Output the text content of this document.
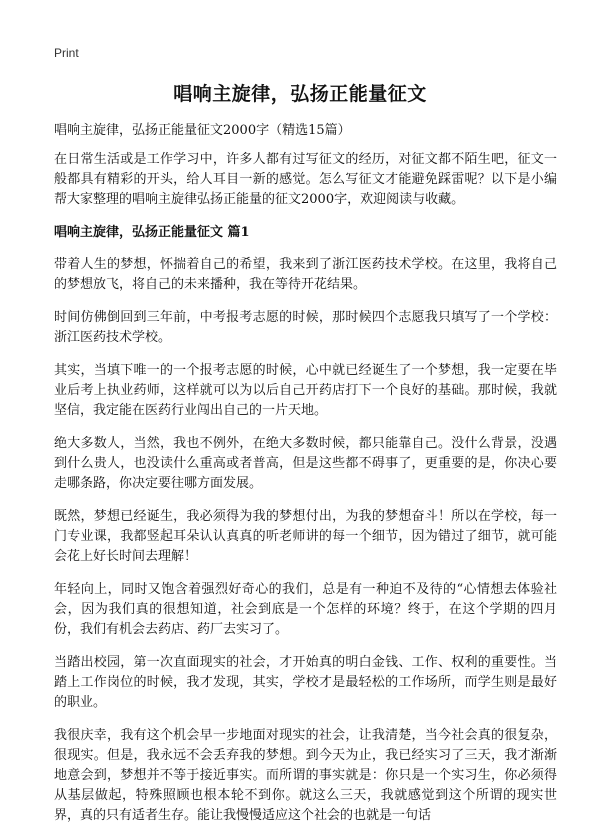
Print
唱响主旋律，弘扬正能量征文

唱响主旋律，弘扬正能量征文2000字（精选15篇）

在日常生活或是工作学习中，许多人都有过写征文的经历，对征文都不陌生吧，征文一般都具有精彩的开头，给人耳目一新的感觉。怎么写征文才能避免踩雷呢？以下是小编帮大家整理的唱响主旋律弘扬正能量的征文2000字，欢迎阅读与收藏。

唱响主旋律，弘扬正能量征文 篇1

带着人生的梦想，怀揣着自己的希望，我来到了浙江医药技术学校。在这里，我将自己的梦想放飞，将自己的未来播种，我在等待开花结果。

时间仿佛倒回到三年前，中考报考志愿的时候，那时候四个志愿我只填写了一个学校：浙江医药技术学校。

其实，当填下唯一的一个报考志愿的时候，心中就已经诞生了一个梦想，我一定要在毕业后考上执业药师，这样就可以为以后自己开药店打下一个良好的基础。那时候，我就坚信，我定能在医药行业闯出自己的一片天地。

绝大多数人，当然，我也不例外，在绝大多数时候，都只能靠自己。没什么背景，没遇到什么贵人，也没读什么重高或者普高，但是这些都不碍事了，更重要的是，你决心要走哪条路，你决定要往哪方面发展。

既然，梦想已经诞生，我必须得为我的梦想付出，为我的梦想奋斗！所以在学校，每一门专业课，我都竖起耳朵认认真真的听老师讲的每一个细节，因为错过了细节，就可能会花上好长时间去理解！

年轻向上，同时又饱含着强烈好奇心的我们，总是有一种迫不及待的“心情想去体验社会，因为我们真的很想知道，社会到底是一个怎样的环境？终于，在这个学期的四月份，我们有机会去药店、药厂去实习了。

当踏出校园，第一次直面现实的社会，才开始真的明白金钱、工作、权利的重要性。当踏上工作岗位的时候，我才发现，其实，学校才是最轻松的工作场所，而学生则是最好的职业。

我很庆幸，我有这个机会早一步地面对现实的社会，让我清楚，当今社会真的很复杂，很现实。但是，我永远不会丢弃我的梦想。到今天为止，我已经实习了三天，我才渐渐地意会到，梦想并不等于接近事实。而所谓的事实就是：你只是一个实习生，你必须得从基层做起，特殊照顾也根本轮不到你。就这么三天，我就感觉到这个所谓的现实世界，真的只有适者生存。能让我慢慢适应这个社会的也就是一句话
